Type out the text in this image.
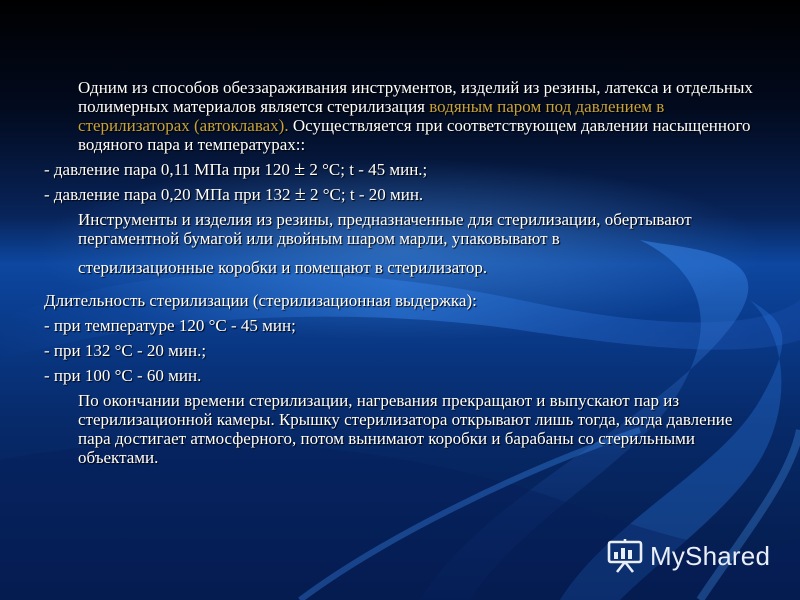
Одним из способов обеззараживания инструментов, изделий из резины, латекса и отдельных полимерных материалов является стерилизация водяным паром под давлением в стерилизаторах (автоклавах). Осуществляется при соответствующем давлении насыщенного водяного пара и температурах::

- давление пара 0,11 МПа при 120 ± 2 °С; t - 45 мин.;

- давление пара 0,20 МПа при 132 ± 2 °С; t - 20 мин.

Инструменты и изделия из резины, предназначенные для стерилизации, обертывают пергаментной бумагой или двойным шаром марли, упаковывают в

стерилизационные коробки и помещают в стерилизатор.

Длительность стерилизации (стерилизационная выдержка):

- при температуре 120 °С - 45 мин;

- при 132 °С - 20 мин.;

- при 100 °С - 60 мин.

По окончании времени стерилизации, нагревания прекращают и выпускают пар из стерилизационной камеры. Крышку стерилизатора открывают лишь тогда, когда давление пара достигает атмосферного, потом вынимают коробки и барабаны со стерильными объектами.

MyShared
